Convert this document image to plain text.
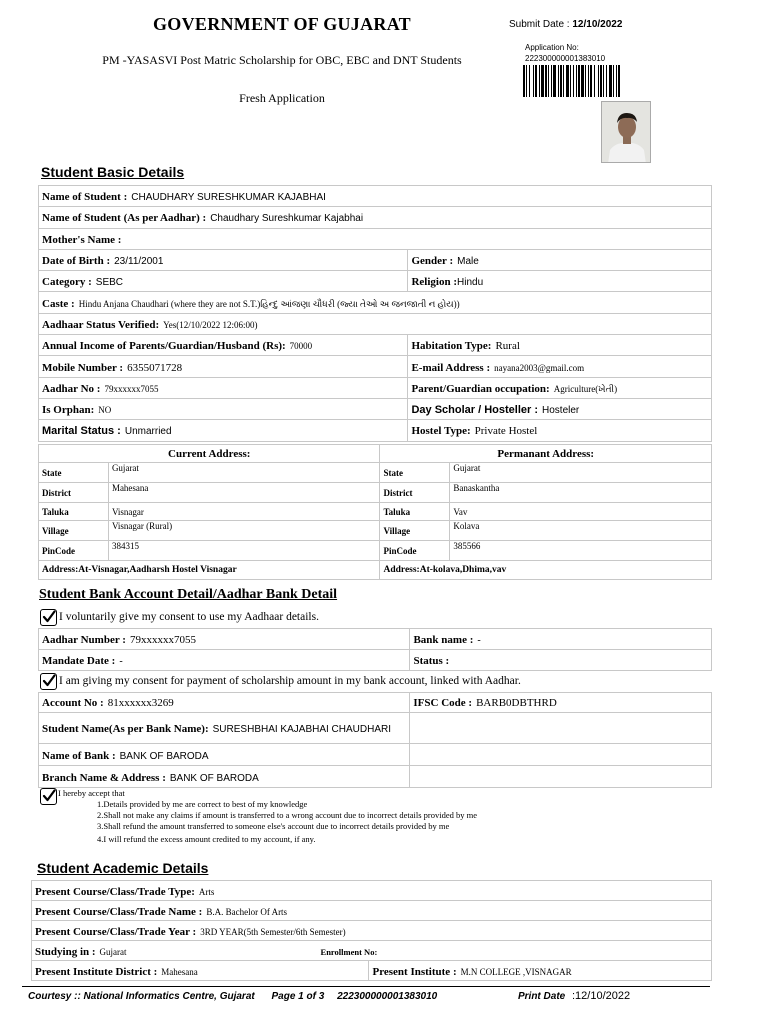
GOVERNMENT OF GUJARAT
PM -YASASVI Post Matric Scholarship for OBC, EBC and DNT Students
Fresh Application
Submit Date : 12/10/2022
Application No:
222300000001383010
Student Basic Details
Name of Student : CHAUDHARY SURESHKUMAR KAJABHAI	
Name of Student (As per Aadhar) : Chaudhary Sureshkumar Kajabhai	
Mother's Name :	
Date of Birth : 23/11/2001	Gender : Male
Category : SEBC	Religion :Hindu
Caste : Hindu Anjana Chaudhari (where they are not S.T.)હિન્દુ આંજણા ચૌધરી (જ્યા તેઓ અ જનજાતી ન હોય))	
Aadhaar Status Verified: Yes(12/10/2022 12:06:00)	
Annual Income of Parents/Guardian/Husband (Rs): 70000	Habitation Type: Rural
Mobile Number : 6355071728	E-mail Address : nayana2003@gmail.com
Aadhar No : 79xxxxxx7055	Parent/Guardian occupation: Agriculture(ખેતી)
Is Orphan: NO	Day Scholar / Hosteller : Hosteler
Marital Status : Unmarried	Hostel Type: Private Hostel
Current Address:		Permanant Address:	
State	Gujarat	State	Gujarat
District	Mahesana	District	Banaskantha
Taluka	Visnagar	Taluka	Vav
Village	Visnagar (Rural)	Village	Kolava
PinCode	384315	PinCode	385566
Address:At-Visnagar,Aadharsh Hostel Visnagar		Address:At-kolava,Dhima,vav	
Student Bank Account Detail/Aadhar Bank Detail
I voluntarily give my consent to use my Aadhaar details.
Aadhar Number : 79xxxxxx7055	Bank name : -
Mandate Date : -	Status :
I am giving my consent for payment of scholarship amount in my bank account, linked with Aadhar.
Account No : 81xxxxxx3269	IFSC Code : BARB0DBTHRD
Student Name(As per Bank Name): SURESHBHAI KAJABHAI CHAUDHARI	
Name of Bank : BANK OF BARODA	
Branch Name & Address : BANK OF BARODA	
I hereby accept that
1.Details provided by me are correct to best of my knowledge
2.Shall not make any claims if amount is transferred to a wrong account due to incorrect details provided by me
3.Shall refund the amount transferred to someone else's account due to incorrect details provided by me
4.I will refund the excess amount credited to my account, if any.
Student Academic Details
Present Course/Class/Trade Type: Arts
Present Course/Class/Trade Name : B.A. Bachelor Of Arts
Present Course/Class/Trade Year : 3RD YEAR(5th Semester/6th Semester)
Studying in : Gujarat	Enrollment No:
Present Institute District : Mahesana	Present Institute : M.N COLLEGE ,VISNAGAR
Courtesy :: National Informatics Centre, Gujarat Page 1 of 3 222300000001383010	Print Date :12/10/2022
